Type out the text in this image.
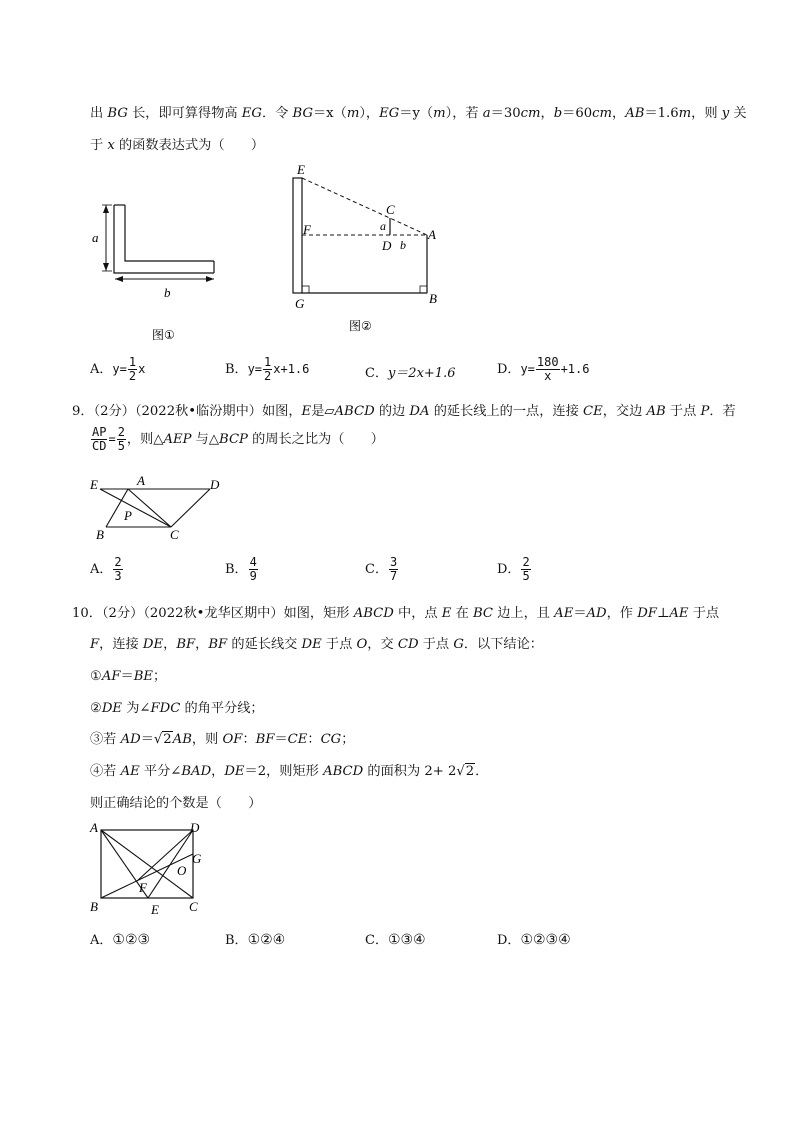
出 BG 长，即可算得物高 EG．令 BG＝x（m），EG＝y（m），若 a＝30cm，b＝60cm，AB＝1.6m，则 y 关
于 x 的函数表达式为（　　）
a
b
图①
E
F
G
C
a
D b
A
B
图②
A．$y= \frac{1}{2}$ x	B．$y= \frac{1}{2} x+1.6$	C．y＝2x+1.6	D．$y= \frac{180}{x} +1.6$
9．（2分）（2022秋•临汾期中）如图，E是▱ABCD 的边 DA 的延长线上的一点，连接 CE，交边 AB 于点 P．若
$\frac{AP}{CD} = \frac{2}{5}$ ，则△AEP 与△BCP 的周长之比为（　　）
E	A	D
P
B	C
A． $\frac{2}{3}$	B． $\frac{4}{9}$	C． $\frac{3}{7}$	D． $\frac{2}{5}$
10．（2分）（2022秋•龙华区期中）如图，矩形 ABCD 中，点 E 在 BC 边上，且 AE＝AD，作 DF⊥AE 于点
F，连接 DE，BF，BF 的延长线交 DE 于点 O，交 CD 于点 G．以下结论：
①AF＝BE；
②DE 为∠FDC 的角平分线；
③若 AD＝√2AB，则 OF：BF＝CE：CG；
④若 AE 平分∠BAD，DE＝2，则矩形 ABCD 的面积为 2+ 2√2．
则正确结论的个数是（　　）
A	D
G
O
F
B	E C
A．①②③	B．①②④	C．①③④	D．①②③④
